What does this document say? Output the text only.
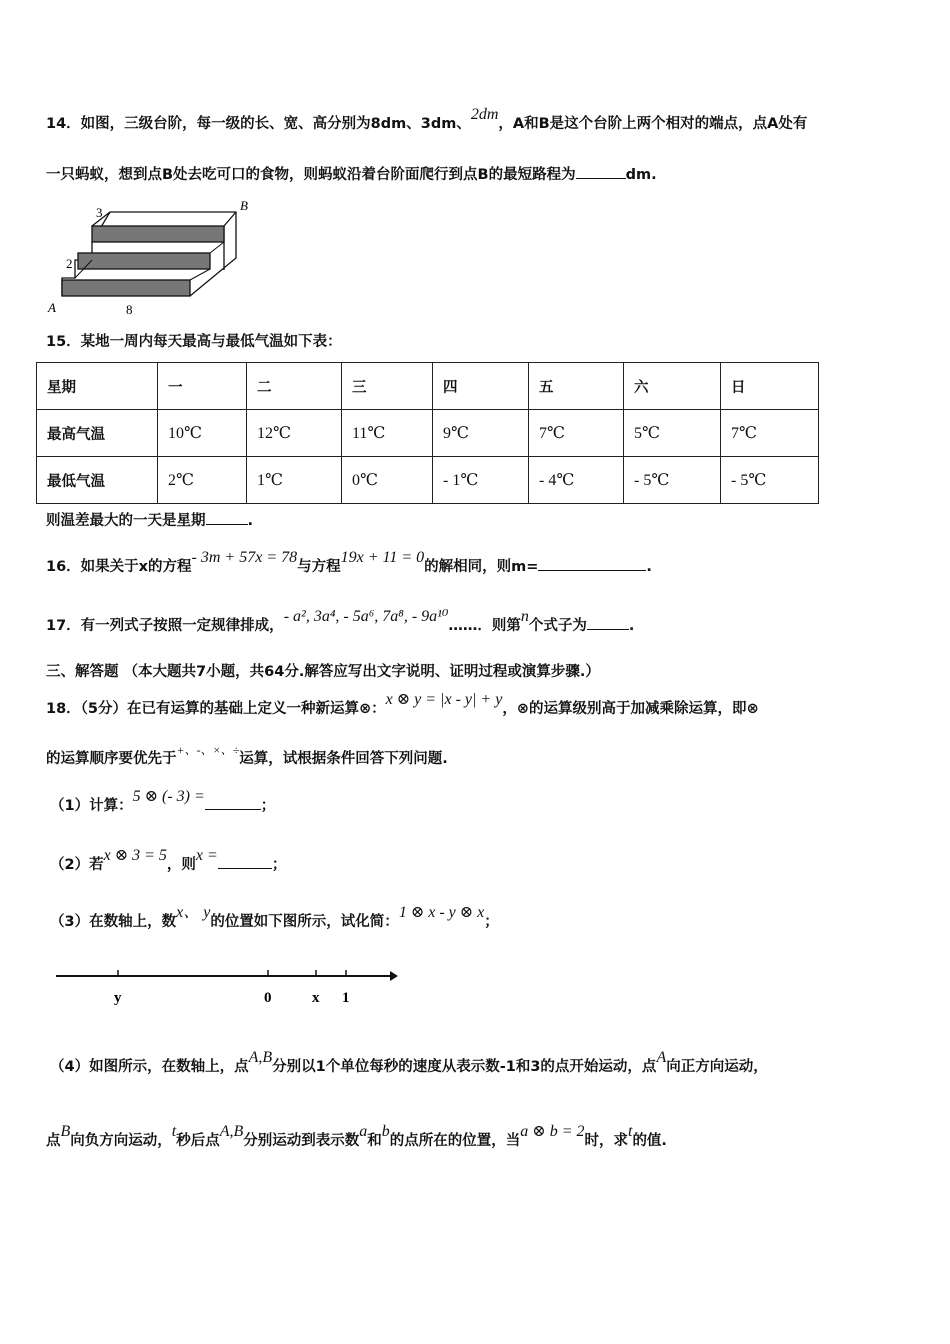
14．如图，三级台阶，每一级的长、宽、高分别为8dm、3dm、2dm，A和B是这个台阶上两个相对的端点，点A处有
一只蚂蚁，想到点B处去吃可口的食物，则蚂蚁沿着台阶面爬行到点B的最短路程为	dm.
3
2
8
A
B
15．某地一周内每天最高与最低气温如下表：
星期	一	二	三	四	五	六	日
最高气温	10℃	12℃	11℃	9℃	7℃	5℃	7℃
最低气温	2℃	1℃	0℃	- 1℃	- 4℃	- 5℃	- 5℃
则温差最大的一天是星期	.
16．如果关于x的方程- 3m + 57x = 78与方程19x + 11 = 0的解相同，则m=	.
17．有一列式子按照一定规律排成，- a², 3a⁴, - 5a⁶, 7a⁸, - 9a¹⁰……．则第n个式子为	.
三、解答题 （本大题共7小题，共64分.解答应写出文字说明、证明过程或演算步骤.）
18．（5分）在已有运算的基础上定义一种新运算⊗：x ⊗ y = |x - y| + y，⊗的运算级别高于加减乘除运算，即⊗
的运算顺序要优先于+、-、×、÷运算，试根据条件回答下列问题.
（1）计算：5 ⊗ (- 3) =；
（2）若x ⊗ 3 = 5，则x =；
（3）在数轴上，数x、 y的位置如下图所示，试化简：1 ⊗ x - y ⊗ x；
y	0	x 1
（4）如图所示，在数轴上，点A,B分别以1个单位每秒的速度从表示数-1和3的点开始运动，点A向正方向运动，
点B向负方向运动，t秒后点A,B分别运动到表示数a和b的点所在的位置，当a ⊗ b = 2时，求t的值.
